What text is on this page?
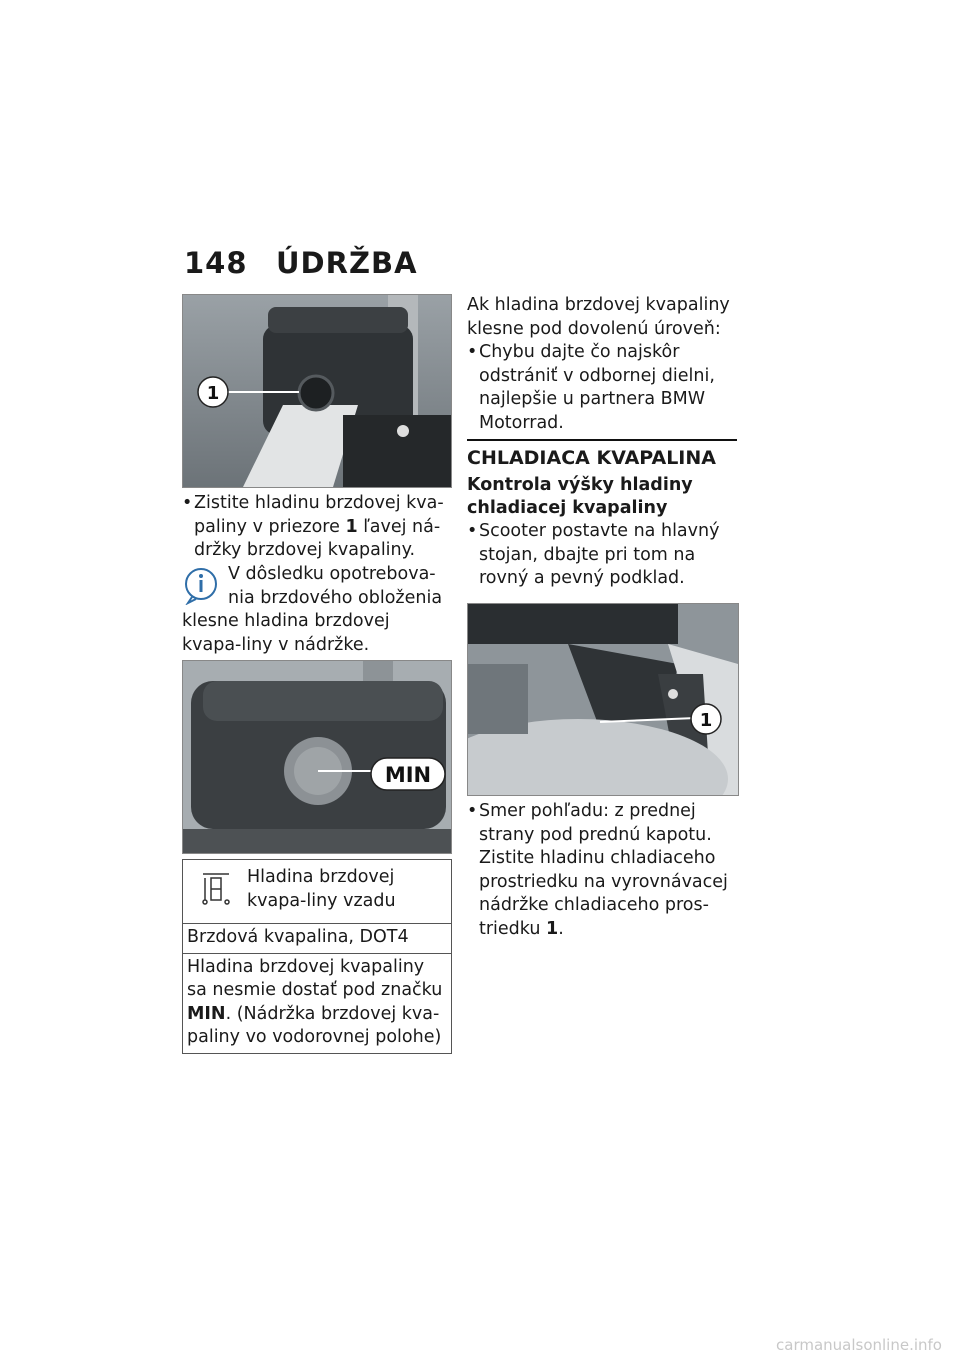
148 ÚDRŽBA
1
• Zistite hladinu brzdovej kva-paliny v priezore 1 ľavej ná-držky brzdovej kvapaliny.
V dôsledku opotrebova-nia brzdového obloženia klesne hladina brzdovej kvapa-liny v nádržke.
MIN
Hladina brzdovej kvapa-liny vzadu
Brzdová kvapalina, DOT4
Hladina brzdovej kvapaliny sa nesmie dostať pod značku MIN. (Nádržka brzdovej kva-paliny vo vodorovnej polohe)
Ak hladina brzdovej kvapaliny klesne pod dovolenú úroveň:
• Chybu dajte čo najskôr odstrániť v odbornej dielni, najlepšie u partnera BMW Motorrad.
CHLADIACA KVAPALINA
Kontrola výšky hladiny chladiacej kvapaliny
• Scooter postavte na hlavný stojan, dbajte pri tom na rovný a pevný podklad.
1
• Smer pohľadu: z prednej strany pod prednú kapotu. Zistite hladinu chladiaceho prostriedku na vyrovnávacej nádržke chladiaceho pros-triedku 1.
carmanualsonline.info
